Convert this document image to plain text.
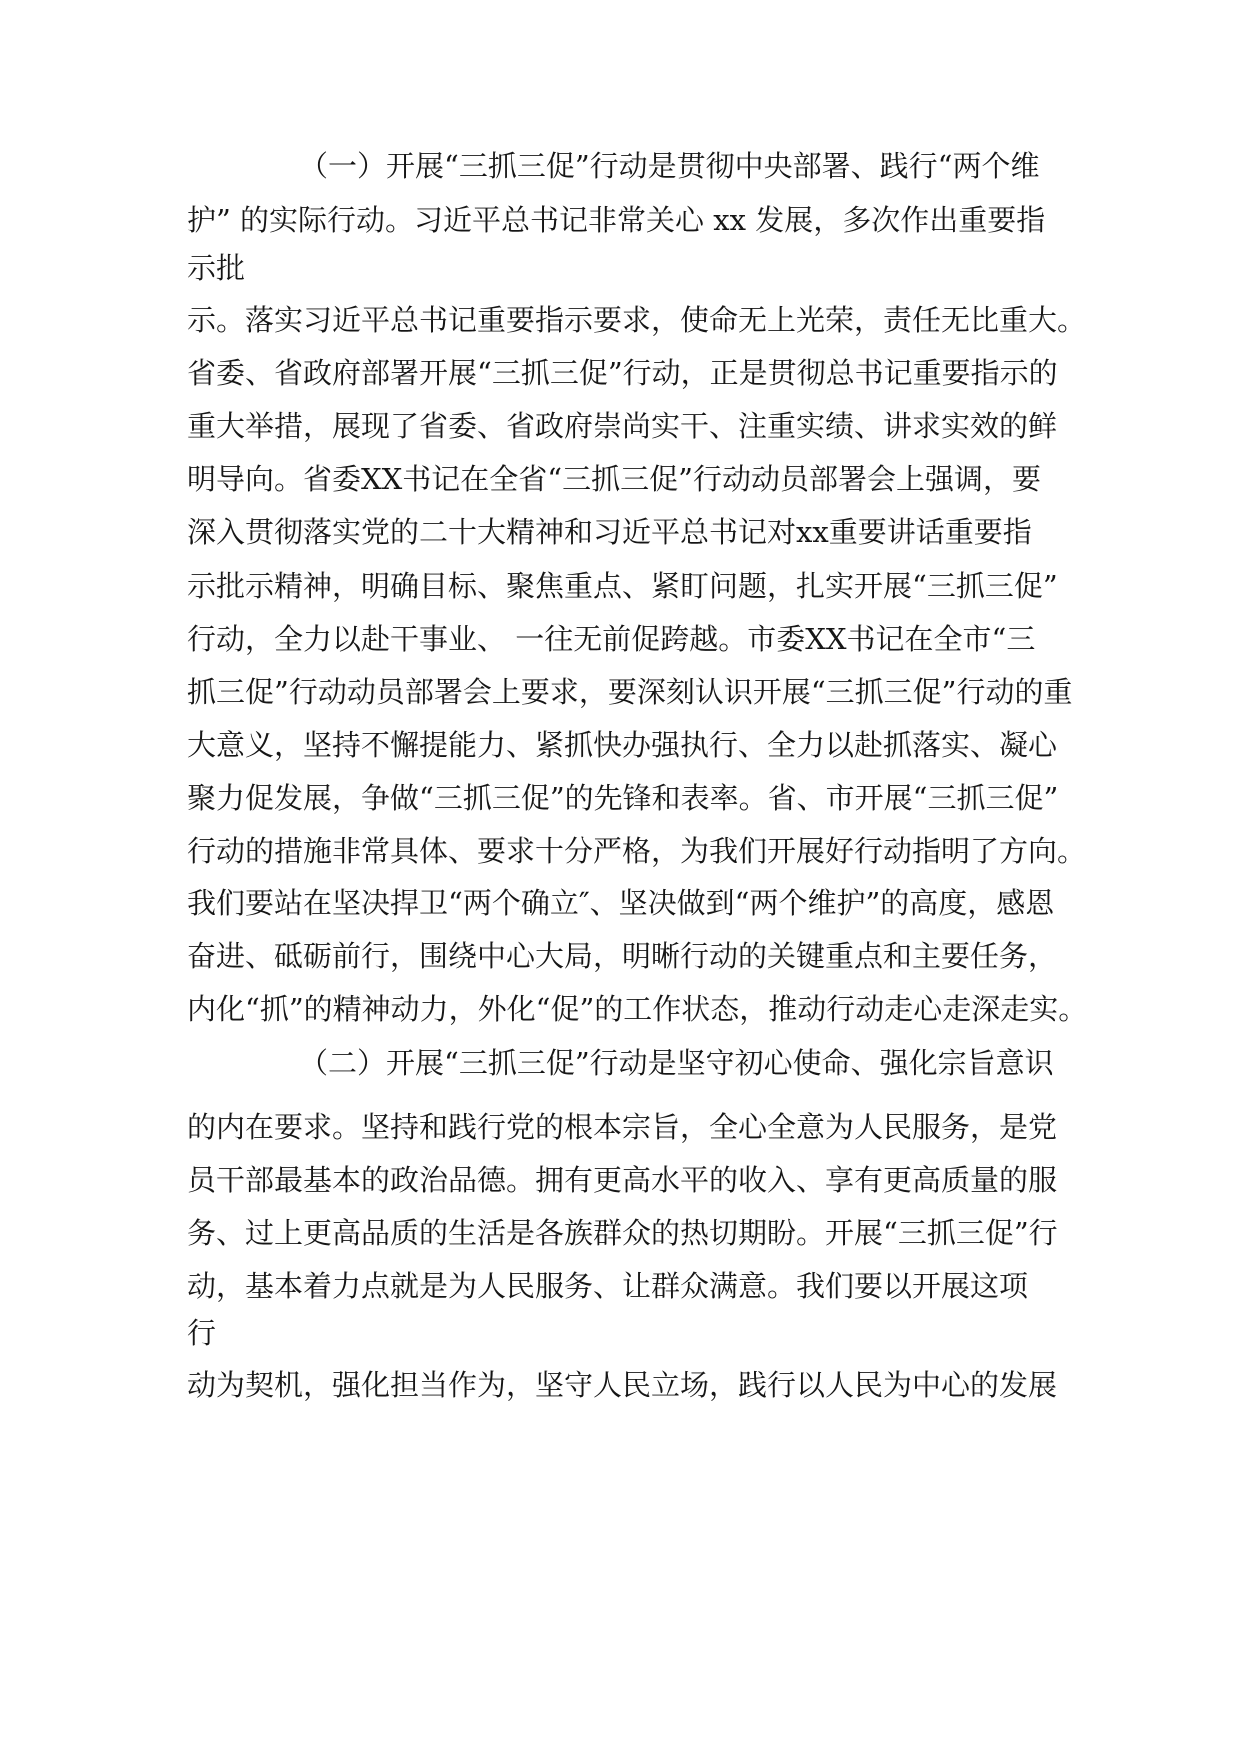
（一）开展“三抓三促”行动是贯彻中央部署、践行“两个维

护” 的实际行动。习近平总书记非常关心 xx 发展，多次作出重要指

示批

示。落实习近平总书记重要指示要求，使命无上光荣，责任无比重大。

省委、省政府部署开展“三抓三促”行动，正是贯彻总书记重要指示的

重大举措，展现了省委、省政府崇尚实干、注重实绩、讲求实效的鲜

明导向。省委XX书记在全省“三抓三促”行动动员部署会上强调，要

深入贯彻落实党的二十大精神和习近平总书记对xx重要讲话重要指

示批示精神，明确目标、聚焦重点、紧盯问题，扎实开展“三抓三促”

行动，全力以赴干事业、 一往无前促跨越。市委XX书记在全市“三

抓三促”行动动员部署会上要求，要深刻认识开展“三抓三促”行动的重

大意义，坚持不懈提能力、紧抓快办强执行、全力以赴抓落实、凝心

聚力促发展，争做“三抓三促”的先锋和表率。省、市开展“三抓三促”

行动的措施非常具体、要求十分严格，为我们开展好行动指明了方向。

我们要站在坚决捍卫“两个确立″、坚决做到“两个维护”的高度，感恩

奋进、砥砺前行，围绕中心大局，明晰行动的关键重点和主要任务，

内化“抓”的精神动力，外化“促”的工作状态，推动行动走心走深走实。

（二）开展“三抓三促”行动是坚守初心使命、强化宗旨意识

的内在要求。坚持和践行党的根本宗旨，全心全意为人民服务，是党

员干部最基本的政治品德。拥有更高水平的收入、享有更高质量的服

务、过上更高品质的生活是各族群众的热切期盼。开展“三抓三促”行

动，基本着力点就是为人民服务、让群众满意。我们要以开展这项

行

动为契机，强化担当作为，坚守人民立场，践行以人民为中心的发展
